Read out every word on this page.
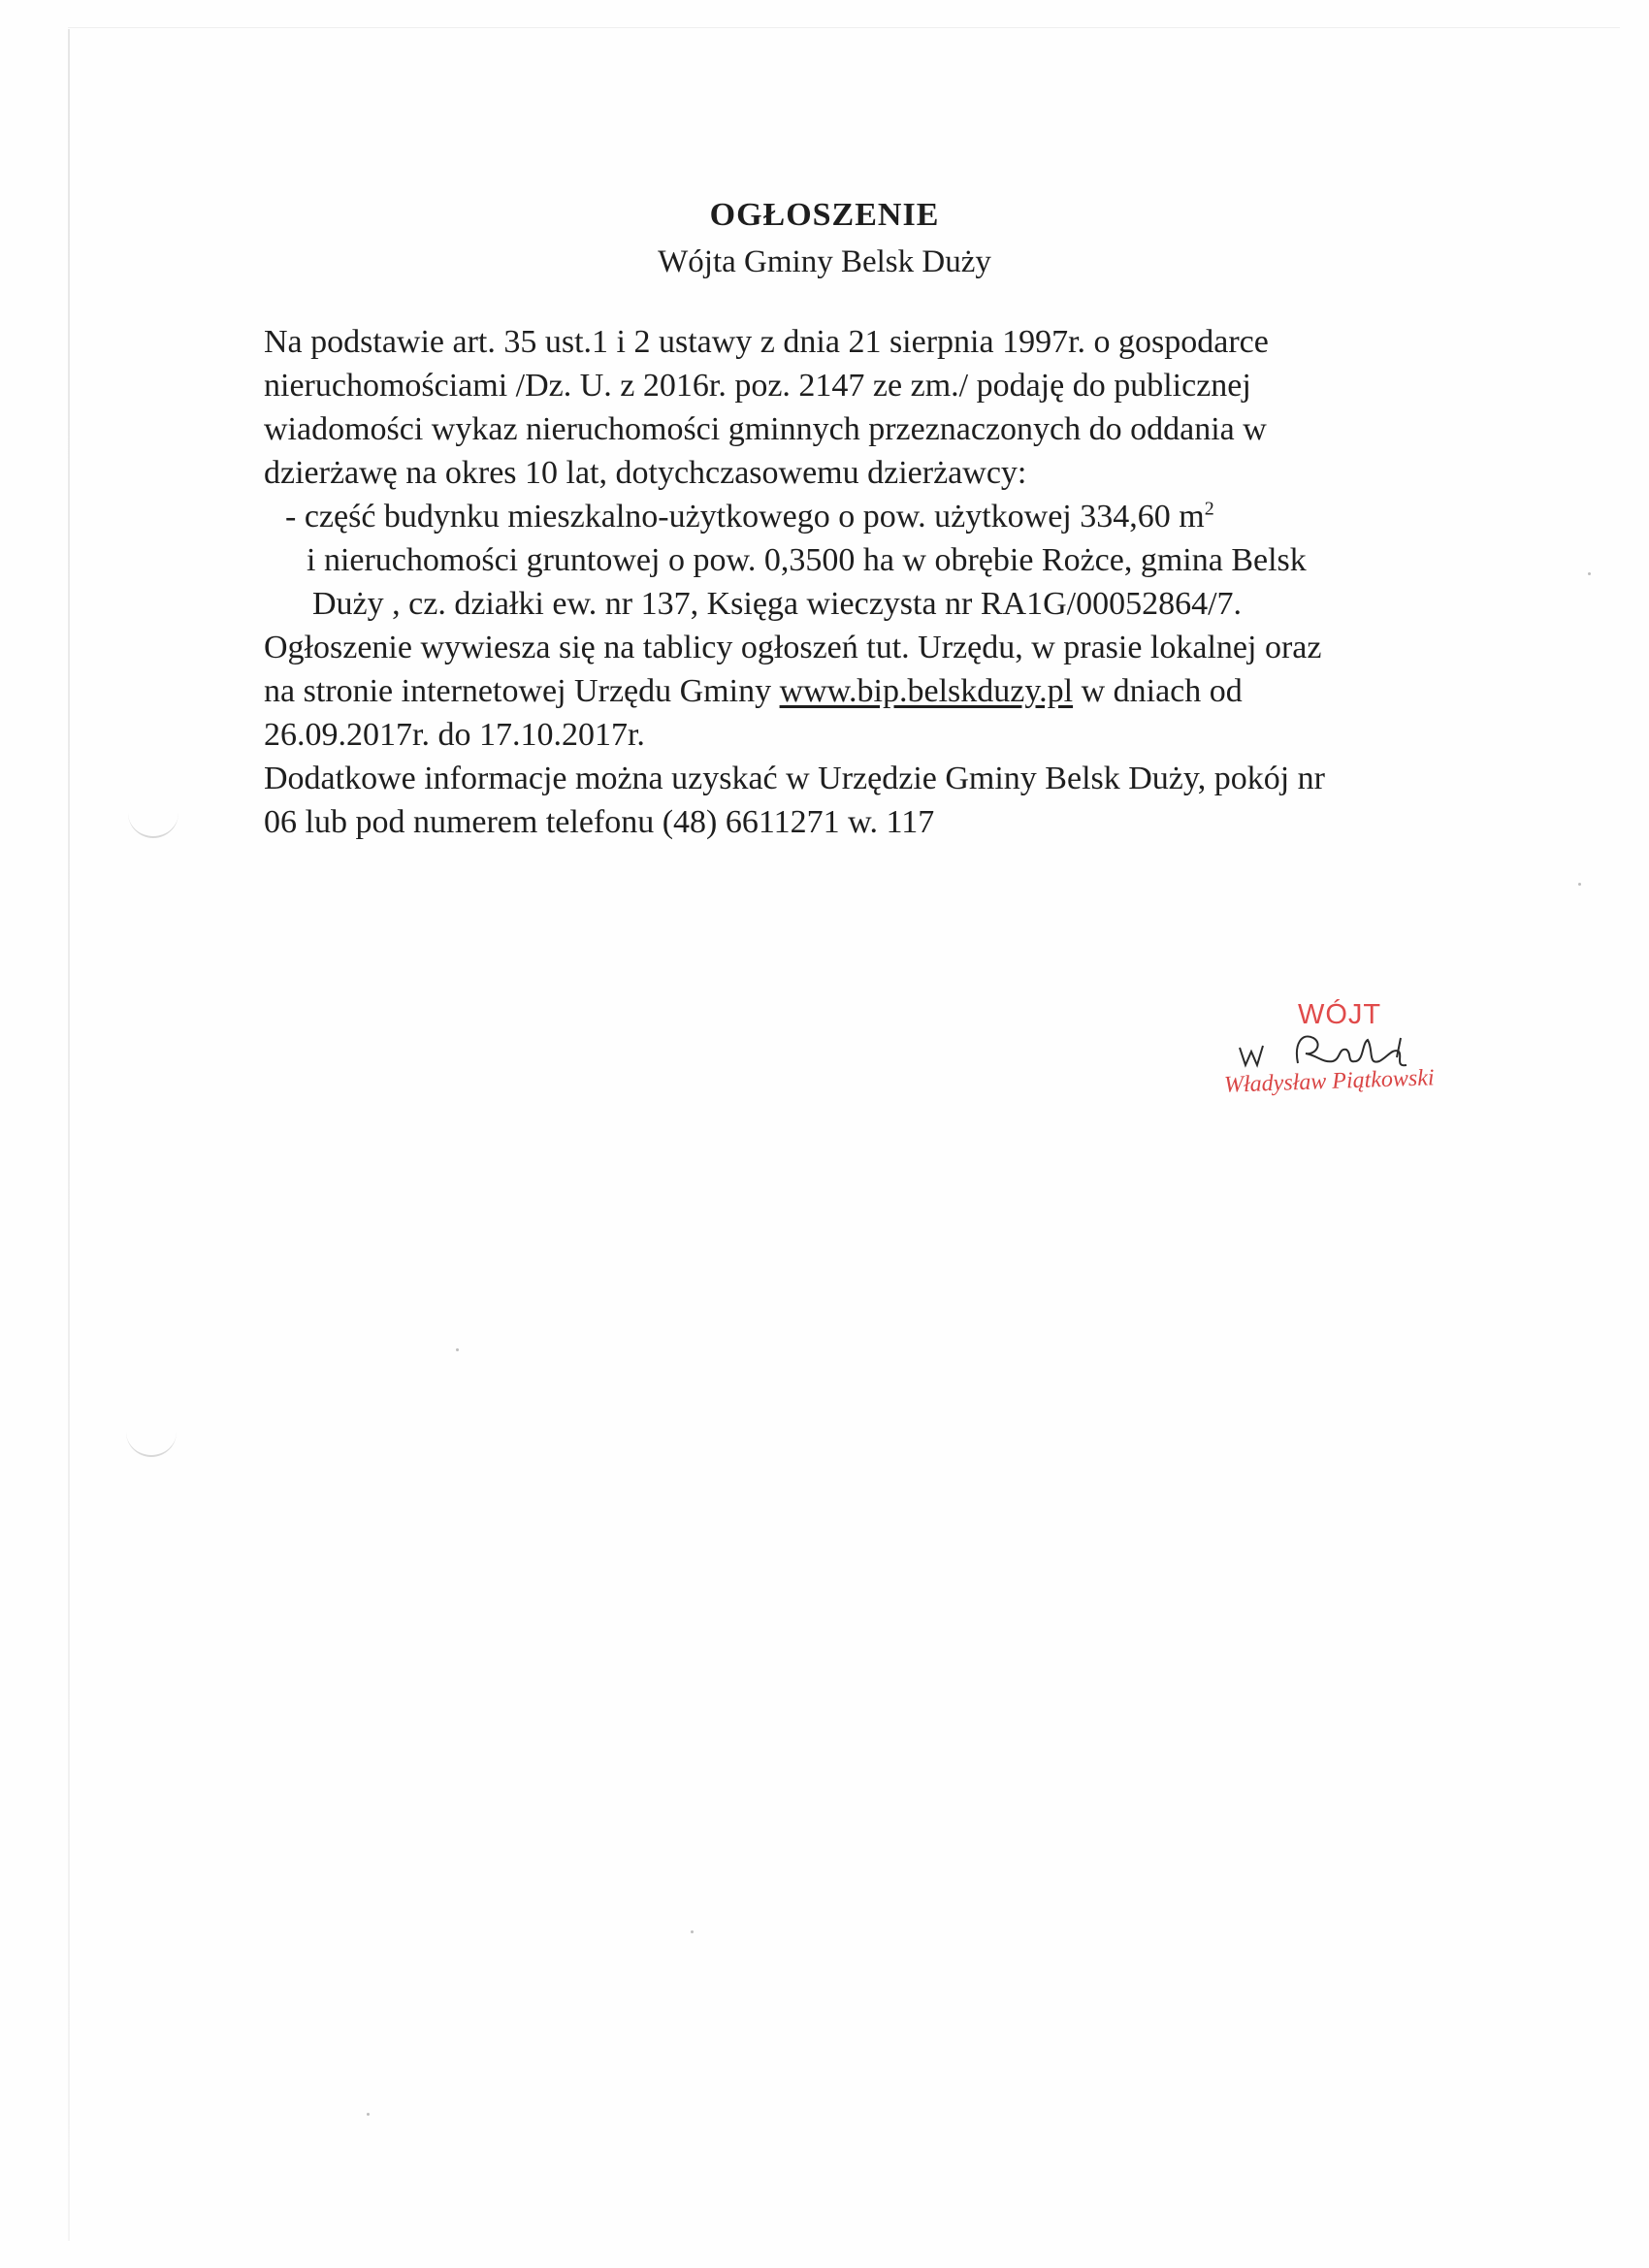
OGŁOSZENIE
Wójta Gminy Belsk Duży
Na podstawie art. 35 ust.1 i 2 ustawy z dnia 21 sierpnia 1997r. o gospodarce
nieruchomościami /Dz. U. z 2016r. poz. 2147 ze zm./ podaję do publicznej
wiadomości wykaz nieruchomości gminnych przeznaczonych do oddania w
dzierżawę na okres 10 lat, dotychczasowemu dzierżawcy:
- część budynku mieszkalno-użytkowego o pow. użytkowej 334,60 $m^2$
i nieruchomości gruntowej o pow. 0,3500 ha w obrębie Rożce, gmina Belsk
Duży , cz. działki ew. nr 137, Księga wieczysta nr RA1G/00052864/7.
Ogłoszenie wywiesza się na tablicy ogłoszeń tut. Urzędu, w prasie lokalnej oraz
na stronie internetowej Urzędu Gminy www.bip.belskduzy.pl w dniach od
26.09.2017r. do 17.10.2017r.
Dodatkowe informacje można uzyskać w Urzędzie Gminy Belsk Duży, pokój nr
06 lub pod numerem telefonu (48) 6611271 w. 117
WÓJT
Władysław Piątkowski
